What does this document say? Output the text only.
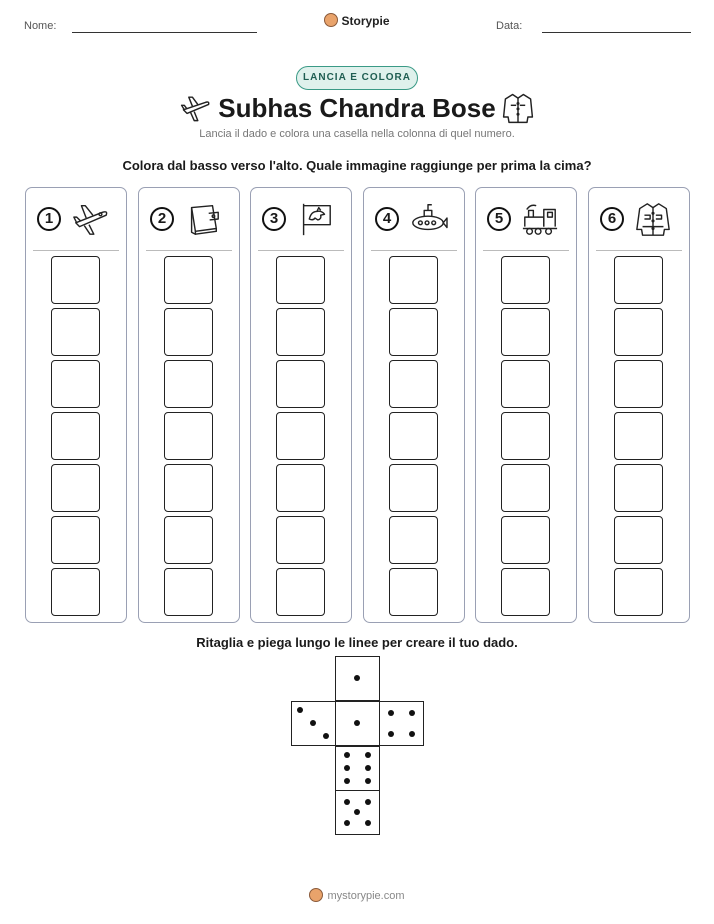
Nome:	Storypie	Data:
LANCIA E COLORA
Subhas Chandra Bose
Lancia il dado e colora una casella nella colonna di quel numero.
Colora dal basso verso l'alto. Quale immagine raggiunge per prima la cima?
1	2	3	4	5	6
Ritaglia e piega lungo le linee per creare il tuo dado.
mystorypie.com
